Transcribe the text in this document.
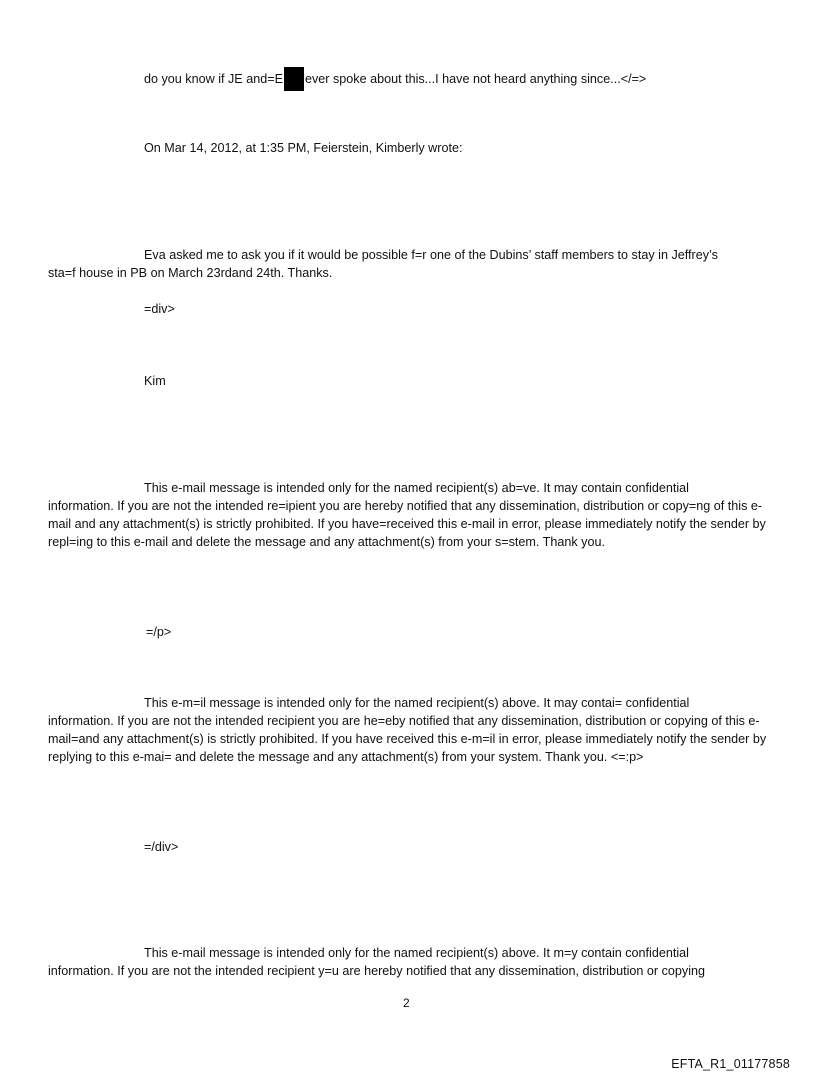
do you know if JE and=E ever spoke about this...I have not heard anything since...</=>
On Mar 14, 2012, at 1:35 PM, Feierstein, Kimberly wrote:
Eva asked me to ask you if it would be possible f=r one of the Dubins’ staff members to stay in Jeffrey’s
sta=f house in PB on March 23rdand 24th. Thanks.
=div>
Kim
This e-mail message is intended only for the named recipient(s) ab=ve. It may contain confidential
information. If you are not the intended re=ipient you are hereby notified that any dissemination, distribution or copy=ng of this e-mail and any attachment(s) is strictly prohibited. If you have=received this e-mail in error, please immediately notify the sender by repl=ing to this e-mail and delete the message and any attachment(s) from your s=stem. Thank you.
=/p>
This e-m=il message is intended only for the named recipient(s) above. It may contai= confidential
information. If you are not the intended recipient you are he=eby notified that any dissemination, distribution or copying of this e-mail=and any attachment(s) is strictly prohibited. If you have received this e-m=il in error, please immediately notify the sender by replying to this e-mai= and delete the message and any attachment(s) from your system. Thank you. <=:p>
=/div>
This e-mail message is intended only for the named recipient(s) above. It m=y contain confidential
information. If you are not the intended recipient y=u are hereby notified that any dissemination, distribution or copying
2
EFTA_R1_01177858
